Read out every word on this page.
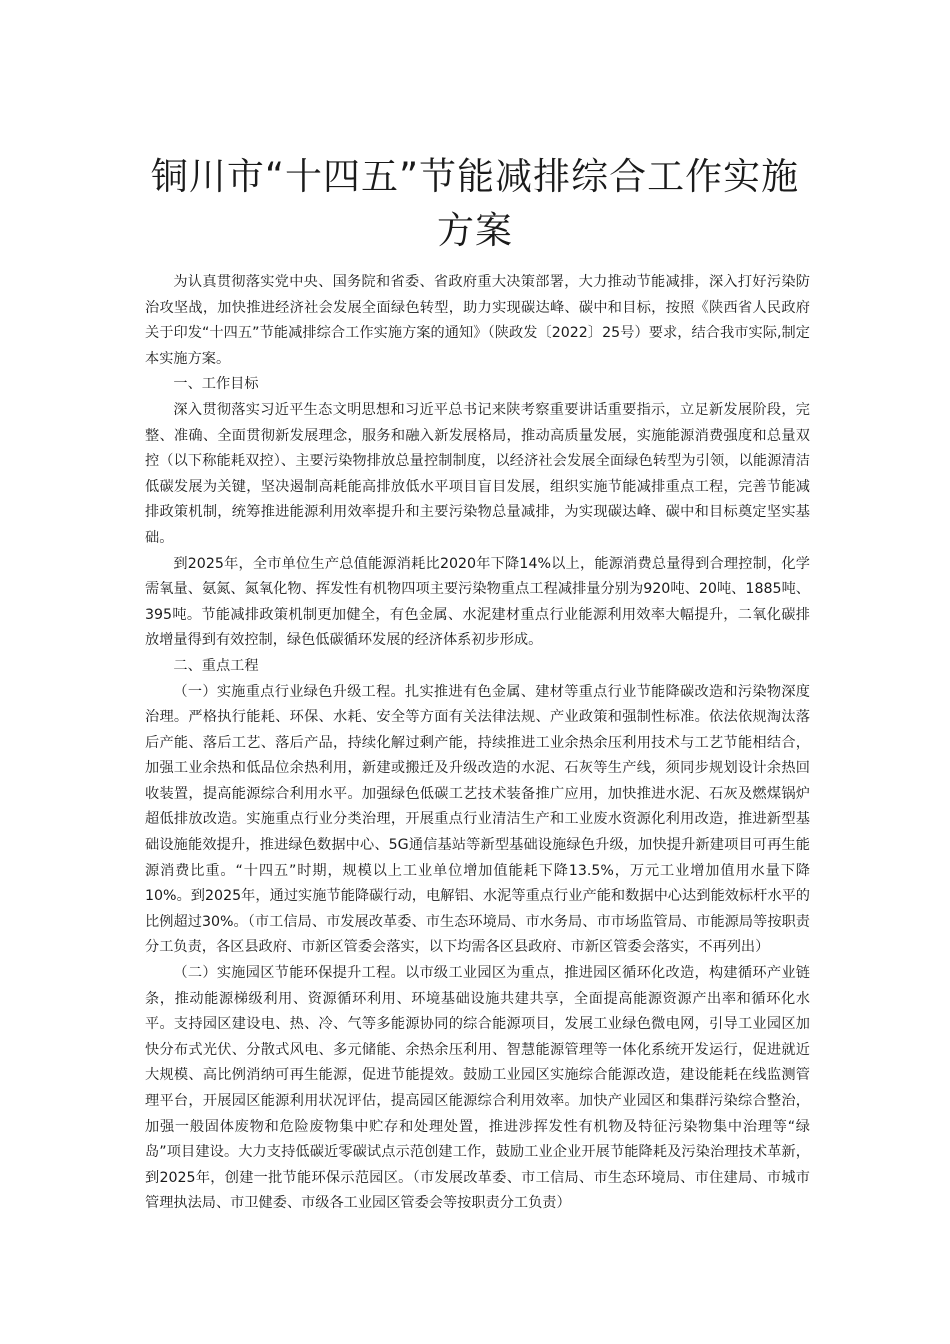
铜川市“十四五”节能减排综合工作实施
方案

为认真贯彻落实党中央、国务院和省委、省政府重大决策部署，大力推动节能减排，深入打好污染防治攻坚战，加快推进经济社会发展全面绿色转型，助力实现碳达峰、碳中和目标，按照《陕西省人民政府关于印发“十四五”节能减排综合工作实施方案的通知》（陕政发〔2022〕25号）要求，结合我市实际,制定本实施方案。

一、工作目标

深入贯彻落实习近平生态文明思想和习近平总书记来陕考察重要讲话重要指示，立足新发展阶段，完整、准确、全面贯彻新发展理念，服务和融入新发展格局，推动高质量发展，实施能源消费强度和总量双控（以下称能耗双控）、主要污染物排放总量控制制度，以经济社会发展全面绿色转型为引领，以能源清洁低碳发展为关键，坚决遏制高耗能高排放低水平项目盲目发展，组织实施节能减排重点工程，完善节能减排政策机制，统筹推进能源利用效率提升和主要污染物总量减排，为实现碳达峰、碳中和目标奠定坚实基础。

到2025年，全市单位生产总值能源消耗比2020年下降14%以上，能源消费总量得到合理控制，化学需氧量、氨氮、氮氧化物、挥发性有机物四项主要污染物重点工程减排量分别为920吨、20吨、1885吨、395吨。节能减排政策机制更加健全，有色金属、水泥建材重点行业能源利用效率大幅提升，二氧化碳排放增量得到有效控制，绿色低碳循环发展的经济体系初步形成。

二、重点工程

（一）实施重点行业绿色升级工程。扎实推进有色金属、建材等重点行业节能降碳改造和污染物深度治理。严格执行能耗、环保、水耗、安全等方面有关法律法规、产业政策和强制性标准。依法依规淘汰落后产能、落后工艺、落后产品，持续化解过剩产能，持续推进工业余热余压利用技术与工艺节能相结合，加强工业余热和低品位余热利用，新建或搬迁及升级改造的水泥、石灰等生产线，须同步规划设计余热回收装置，提高能源综合利用水平。加强绿色低碳工艺技术装备推广应用，加快推进水泥、石灰及燃煤锅炉超低排放改造。实施重点行业分类治理，开展重点行业清洁生产和工业废水资源化利用改造，推进新型基础设施能效提升，推进绿色数据中心、5G通信基站等新型基础设施绿色升级，加快提升新建项目可再生能源消费比重。“十四五”时期，规模以上工业单位增加值能耗下降13.5%，万元工业增加值用水量下降10%。到2025年，通过实施节能降碳行动，电解铝、水泥等重点行业产能和数据中心达到能效标杆水平的比例超过30%。（市工信局、市发展改革委、市生态环境局、市水务局、市市场监管局、市能源局等按职责分工负责，各区县政府、市新区管委会落实，以下均需各区县政府、市新区管委会落实，不再列出）

（二）实施园区节能环保提升工程。以市级工业园区为重点，推进园区循环化改造，构建循环产业链条，推动能源梯级利用、资源循环利用、环境基础设施共建共享，全面提高能源资源产出率和循环化水平。支持园区建设电、热、冷、气等多能源协同的综合能源项目，发展工业绿色微电网，引导工业园区加快分布式光伏、分散式风电、多元储能、余热余压利用、智慧能源管理等一体化系统开发运行，促进就近大规模、高比例消纳可再生能源，促进节能提效。鼓励工业园区实施综合能源改造，建设能耗在线监测管理平台，开展园区能源利用状况评估，提高园区能源综合利用效率。加快产业园区和集群污染综合整治，加强一般固体废物和危险废物集中贮存和处理处置，推进涉挥发性有机物及特征污染物集中治理等“绿岛”项目建设。大力支持低碳近零碳试点示范创建工作，鼓励工业企业开展节能降耗及污染治理技术革新，到2025年，创建一批节能环保示范园区。（市发展改革委、市工信局、市生态环境局、市住建局、市城市管理执法局、市卫健委、市级各工业园区管委会等按职责分工负责）
